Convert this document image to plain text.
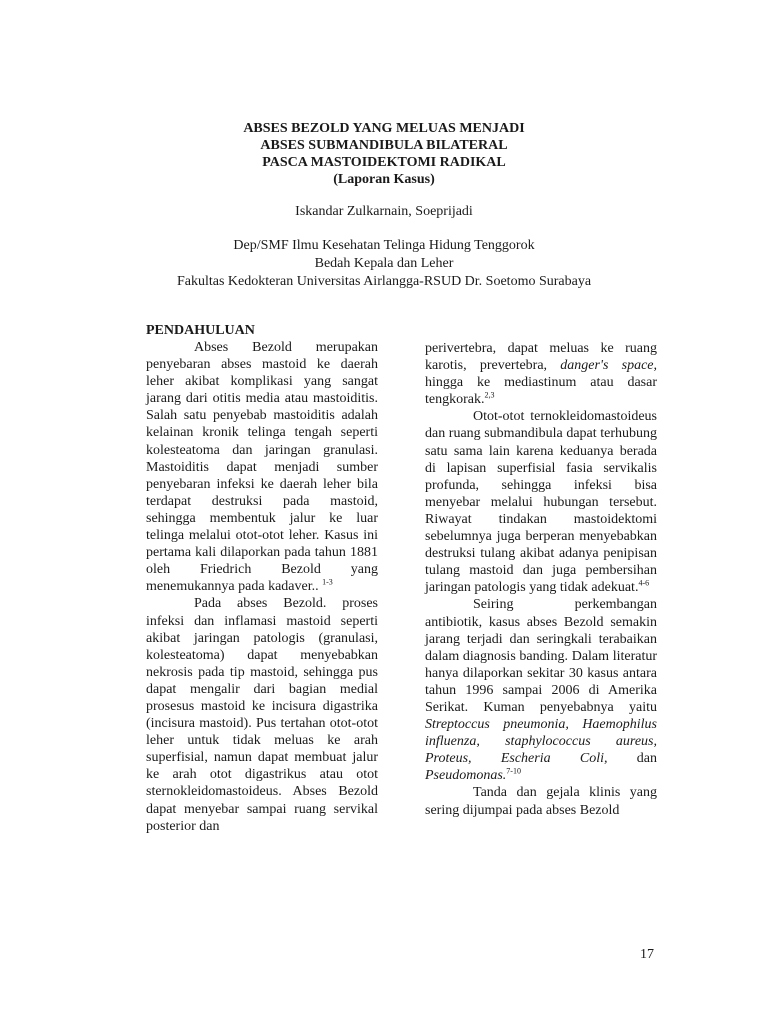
ABSES BEZOLD YANG MELUAS MENJADI

ABSES SUBMANDIBULA BILATERAL

PASCA MASTOIDEKTOMI RADIKAL

(Laporan Kasus)

Iskandar Zulkarnain, Soeprijadi
Dep/SMF Ilmu Kesehatan Telinga Hidung Tenggorok
Bedah Kepala dan Leher
Fakultas Kedokteran Universitas Airlangga-RSUD Dr. Soetomo Surabaya

PENDAHULUAN

Abses Bezold merupakan penyebaran abses mastoid ke daerah leher akibat komplikasi yang sangat jarang dari otitis media atau mastoiditis. Salah satu penyebab mastoiditis adalah kelainan kronik telinga tengah seperti kolesteatoma dan jaringan granulasi. Mastoiditis dapat menjadi sumber penyebaran infeksi ke daerah leher bila terdapat destruksi pada mastoid, sehingga membentuk jalur ke luar telinga melalui otot-otot leher. Kasus ini pertama kali dilaporkan pada tahun 1881 oleh Friedrich Bezold yang menemukannya pada kadaver.. $^{1-3}$

Pada abses Bezold. proses infeksi dan inflamasi mastoid seperti akibat jaringan patologis (granulasi, kolesteatoma) dapat menyebabkan nekrosis pada tip mastoid, sehingga pus dapat mengalir dari bagian medial prosesus mastoid ke incisura digastrika (incisura mastoid). Pus tertahan otot-otot leher untuk tidak meluas ke arah superfisial, namun dapat membuat jalur ke arah otot digastrikus atau otot sternokleidomastoideus. Abses Bezold dapat menyebar sampai ruang servikal posterior dan

perivertebra, dapat meluas ke ruang karotis, prevertebra, danger's space, hingga ke mediastinum atau dasar tengkorak.$^{2,3}$

Otot-otot ternokleidomastoideus dan ruang submandibula dapat terhubung satu sama lain karena keduanya berada di lapisan superfisial fasia servikalis profunda, sehingga infeksi bisa menyebar melalui hubungan tersebut. Riwayat tindakan mastoidektomi sebelumnya juga berperan menyebabkan destruksi tulang akibat adanya penipisan tulang mastoid dan juga pembersihan jaringan patologis yang tidak adekuat.$^{4-6}$

Seiring perkembangan antibiotik, kasus abses Bezold semakin jarang terjadi dan seringkali terabaikan dalam diagnosis banding. Dalam literatur hanya dilaporkan sekitar 30 kasus antara tahun 1996 sampai 2006 di Amerika Serikat. Kuman penyebabnya yaitu Streptoccus pneumonia, Haemophilus influenza, staphylococcus aureus, Proteus, Escheria Coli, dan Pseudomonas.$^{7-10}$

Tanda dan gejala klinis yang sering dijumpai pada abses Bezold

17
